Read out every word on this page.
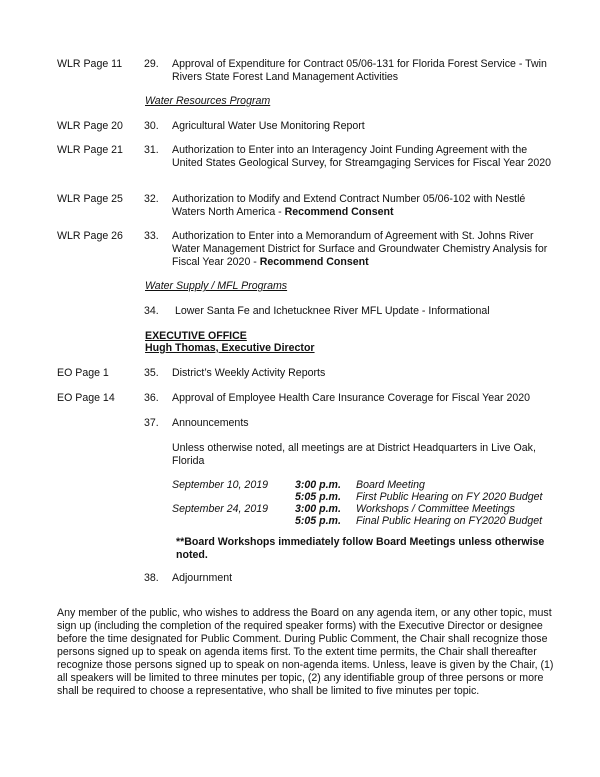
WLR Page 11 29. Approval of Expenditure for Contract 05/06-131 for Florida Forest Service - Twin Rivers State Forest Land Management Activities
Water Resources Program
WLR Page 20 30. Agricultural Water Use Monitoring Report
WLR Page 21 31. Authorization to Enter into an Interagency Joint Funding Agreement with the United States Geological Survey, for Streamgaging Services for Fiscal Year 2020
WLR Page 25 32. Authorization to Modify and Extend Contract Number 05/06-102 with Nestlé Waters North America - Recommend Consent
WLR Page 26 33. Authorization to Enter into a Memorandum of Agreement with St. Johns River Water Management District for Surface and Groundwater Chemistry Analysis for Fiscal Year 2020 - Recommend Consent
Water Supply / MFL Programs
34. Lower Santa Fe and Ichetucknee River MFL Update - Informational
EXECUTIVE OFFICE
Hugh Thomas, Executive Director
EO Page 1	35. District’s Weekly Activity Reports
EO Page 14	36. Approval of Employee Health Care Insurance Coverage for Fiscal Year 2020
37. Announcements
Unless otherwise noted, all meetings are at District Headquarters in Live Oak, Florida
September 10, 2019	3:00 p.m. Board Meeting
5:05 p.m. First Public Hearing on FY 2020 Budget
September 24, 2019	3:00 p.m. Workshops / Committee Meetings
5:05 p.m. Final Public Hearing on FY2020 Budget
**Board Workshops immediately follow Board Meetings unless otherwise noted.
38. Adjournment
Any member of the public, who wishes to address the Board on any agenda item, or any other topic, must sign up (including the completion of the required speaker forms) with the Executive Director or designee before the time designated for Public Comment. During Public Comment, the Chair shall recognize those persons signed up to speak on agenda items first. To the extent time permits, the Chair shall thereafter recognize those persons signed up to speak on non-agenda items. Unless, leave is given by the Chair, (1) all speakers will be limited to three minutes per topic, (2) any identifiable group of three persons or more shall be required to choose a representative, who shall be limited to five minutes per topic.
